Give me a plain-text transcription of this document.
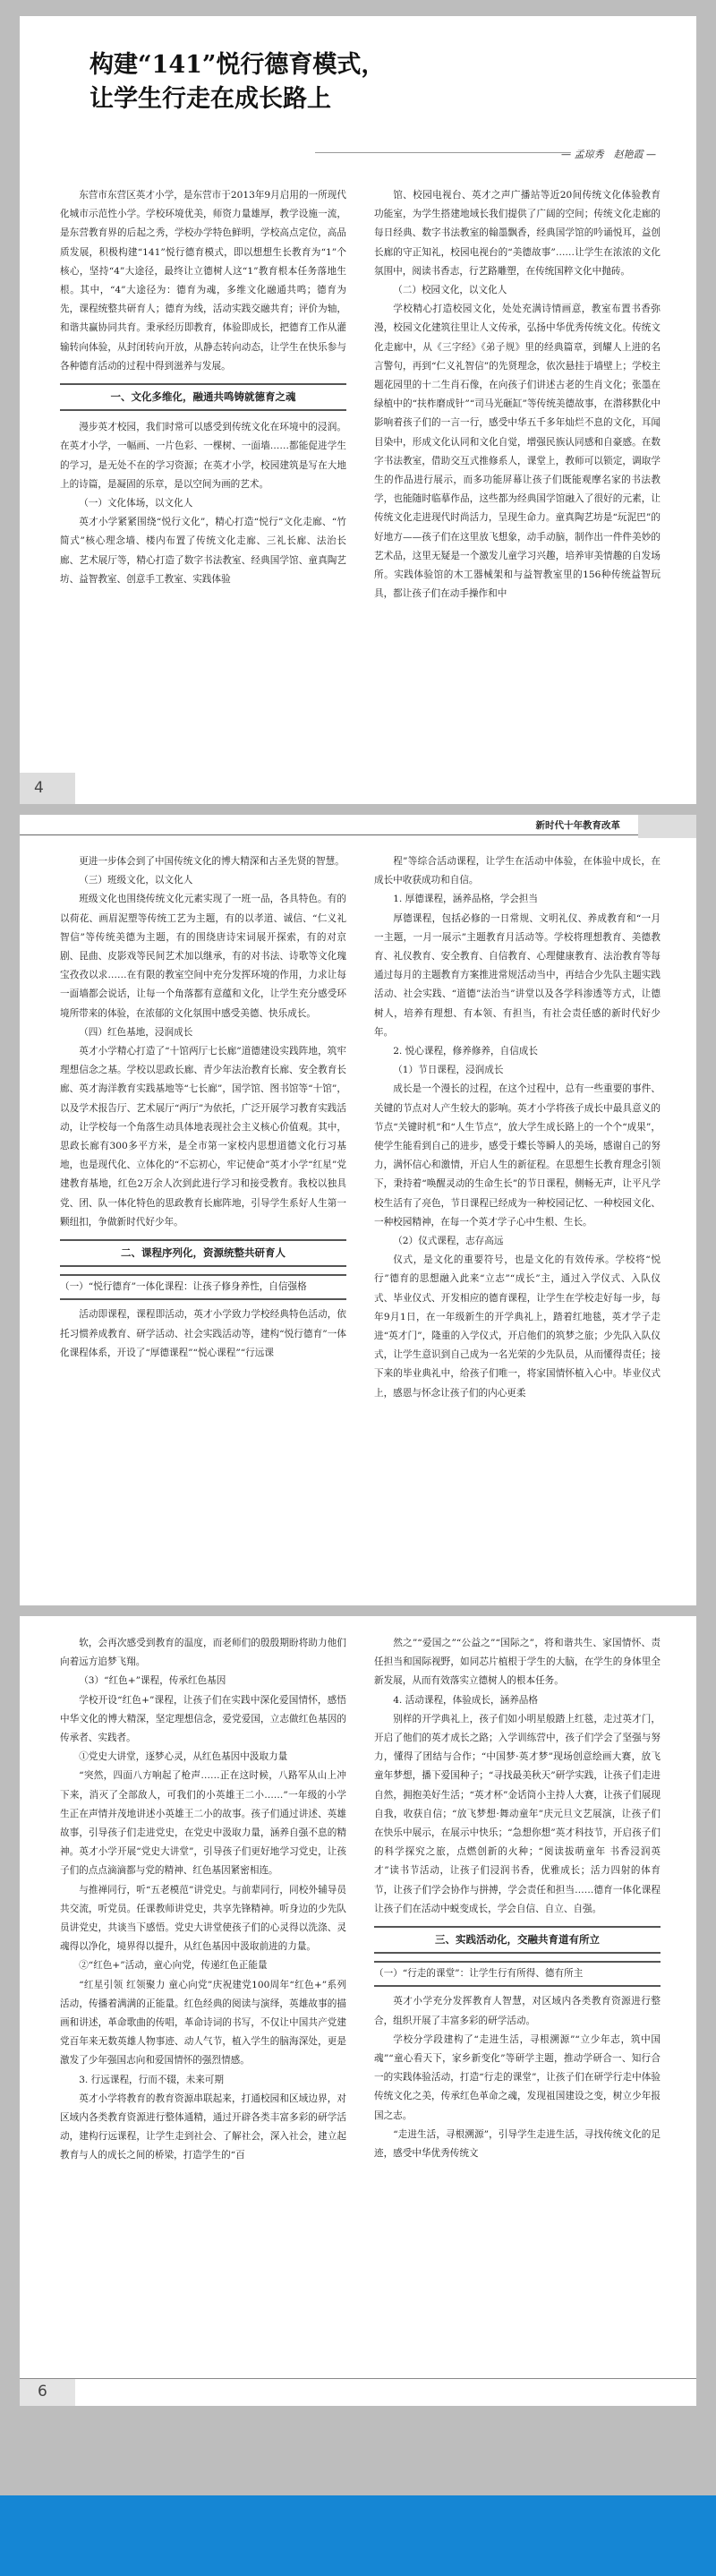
构建“141”悦行德育模式，
让学生行走在成长路上
— 孟琼秀　赵艳霞 —

东营市东营区英才小学，是东营市于2013年9月启用的一所现代化城市示范性小学。学校环境优美，师资力量雄厚，教学设施一流，是东营教育界的后起之秀，学校办学特色鲜明，学校高点定位，高品质发展，积极构建“141”悦行德育模式，即以想想生长教育为“1”个核心，坚持“4”大途径，最终让立德树人这“1”教育根本任务落地生根。其中，“4”大途径为：德育为魂，多维文化融通共鸣；德育为先，课程统整共研育人；德育为线，活动实践交融共育；评价为轴，和谐共赢协同共育。秉承经历即教育，体验即成长，把德育工作从灌输转向体验，从封闭转向开放，从静态转向动态，让学生在快乐参与各种德育活动的过程中得到滋养与发展。

一、文化多维化，融通共鸣铸就德育之魂

漫步英才校园，我们时常可以感受到传统文化在环境中的浸润。在英才小学，一幅画、一片色彩、一棵树、一面墙……都能促进学生的学习，是无处不在的学习资源；在英才小学，校园建筑是写在大地上的诗篇，是凝固的乐章，是以空间为画的艺术。

（一）文化体场，以文化人

英才小学紧紧围绕“悦行文化”，精心打造“悦行”文化走廊、“竹简式”核心理念墙、楼内布置了传统文化走廊、三礼长廊、法治长廊、艺术展厅等，精心打造了数字书法教室、经典国学馆、童真陶艺坊、益智教室、创意手工教室、实践体验

馆、校园电视台、英才之声广播站等近20间传统文化体验教育功能室，为学生搭建地域长我们提供了广阔的空间；传统文化走廊的每日经典、数字书法教室的翰墨飘香，经典国学馆的吟诵悦耳，益创长廊的守正知礼，校园电视台的“美德故事”……让学生在浓浓的文化氛围中，阅读书香志，行艺路雕塑，在传统国粹文化中抛砖。

（二）校园文化，以文化人

学校精心打造校园文化，处处充满诗情画意，教室布置书香弥漫，校园文化建筑往里让人文传承，弘扬中华优秀传统文化。传统文化走廊中，从《三字经》《弟子规》里的经典篇章，到耀人上进的名言警句，再到“仁义礼智信”的先贤理念，依次悬挂于墙壁上；学校主题花园里的十二生肖石像，在向孩子们讲述古老的生肖文化；张墨在绿植中的“扶柞磨成针”“司马光砸缸”等传统美德故事，在潜移默化中影响着孩子们的一言一行，感受中华五千多年灿烂不息的文化，耳闻目染中，形成文化认同和文化自觉，增强民族认同感和自豪感。在数字书法教室，借助交互式推修系人，课堂上，教师可以锁定，调取学生的作品进行展示，而多功能屏幕让孩子们既能观摩名家的书法教学，也能随时临摹作品，这些都为经典国学馆融入了很好的元素，让传统文化走进现代时尚活力，呈现生命力。童真陶艺坊是“玩泥巴”的好地方——孩子们在这里放飞想象，动手动脑，制作出一件件美妙的艺术品，这里无疑是一个激发儿童学习兴趣，培养审美情趣的自发场所。实践体验馆的木工器械架和与益智教室里的156种传统益智玩具，都让孩子们在动手操作和中

4
新时代十年教育改革

更进一步体会到了中国传统文化的博大精深和古圣先贤的智慧。

（三）班级文化，以文化人

班级文化也围绕传统文化元素实现了一班一品，各具特色。有的以荷花、画眉泥塑等传统工艺为主题，有的以孝道、诚信、“仁义礼智信”等传统美德为主题，有的围绕唐诗宋词展开探索，有的对京剧、昆曲、皮影戏等民间艺术加以继承，有的对书法、诗歌等文化瑰宝孜孜以求……在有限的教室空间中充分发挥环境的作用，力求让每一面墙都会说话，让每一个角落都有意蕴和文化，让学生充分感受环境所带来的体验，在浓郁的文化氛围中感受美德、快乐成长。

（四）红色基地，浸润成长

英才小学精心打造了“十馆两厅七长廊”道德建设实践阵地，筑牢理想信念之基。学校以思政长廊、青少年法治教育长廊、安全教育长廊、英才海洋教育实践基地等“七长廊”，国学馆、图书馆等“十馆”，以及学术报告厅、艺术展厅“两厅”为依托，广泛开展学习教育实践活动，让学校每一个角落生动具体地表现社会主义核心价值观。其中，思政长廊有300多平方米，是全市第一家校内思想道德文化行习基地，也是现代化、立体化的“不忘初心，牢记使命”英才小学“红星”党建教育基地，红色2万余人次到此进行学习和接受教育。我校以独具党、团、队一体化特色的思政教育长廊阵地，引导学生系好人生第一颗纽扣，争做新时代好少年。

二、课程序列化，资源统整共研育人
（一）“悦行德育”一体化课程：让孩子修身养性，自信强格

活动即课程，课程即活动，英才小学致力学校经典特色活动，依托习惯养成教育、研学活动、社会实践活动等，建构“悦行德育”一体化课程体系，开设了“厚德课程”“悦心课程”“行远课

程”等综合活动课程，让学生在活动中体验，在体验中成长，在成长中收获成功和自信。

1. 厚德课程，涵养品格，学会担当

厚德课程，包括必修的一日常规、文明礼仪、养成教育和“一月一主题，一月一展示”主题教育月活动等。学校将理想教育、美德教育、礼仪教育、安全教育、自信教育、心理健康教育、法治教育等每通过每月的主题教育方案推进常规活动当中，再结合少先队主题实践活动、社会实践、“道德”法治当”讲堂以及各学科渗透等方式，让德树人，培养有理想、有本领、有担当，有社会责任感的新时代好少年。

2. 悦心课程，修养修养，自信成长

（1）节日课程，浸润成长

成长是一个漫长的过程，在这个过程中，总有一些重要的事件、关键的节点对人产生较大的影响。英才小学将孩子成长中最具意义的节点“关键时机”和“人生节点”，放大学生成长路上的一个个“成果”，使学生能看到自己的进步，感受于蝶长等瞬人的美场，感谢自己的努力，满怀信心和激情，开启人生的新征程。在思想生长教育理念引领下，秉持着“唤醒灵动的生命生长”的节日课程，侧畅无声，让平凡学校生活有了亮色，节日课程已经成为一种校园记忆、一种校园文化、一种校园精神，在每一个英才学子心中生根、生长。

（2）仪式课程，志存高远

仪式，是文化的重要符号，也是文化的有效传承。学校将“悦行”德育的思想融入此来“立志”“成长”主，通过入学仪式、入队仪式、毕业仪式、开发相应的德育课程，让学生在学校走好每一步，每年9月1日，在一年级新生的开学典礼上，踏着红地毯，英才学子走进“英才门”，隆重的入学仪式，开启他们的筑梦之旅；少先队入队仪式，让学生意识到自己成为一名光荣的少先队员，从而懂得责任；接下来的毕业典礼中，给孩子们唯一，将家国情怀植入心中。毕业仪式上，感恩与怀念让孩子们的内心更柔

软，会再次感受到教育的温度，而老师们的殷殷期盼将助力他们向着远方追梦飞翔。

（3）“红色+”课程，传承红色基因

学校开设“红色+”课程，让孩子们在实践中深化爱国情怀，感悟中华文化的博大精深，坚定理想信念，爱党爱国，立志做红色基因的传承者、实践者。

①党史大讲堂，逐梦心灵，从红色基因中汲取力量

“突然，四面八方响起了枪声……正在这时候，八路军从山上冲下来，消灭了全部敌人，可我们的小英雄王二小……”一年级的小学生正在声情并茂地讲述小英雄王二小的故事。孩子们通过讲述、英雄故事，引导孩子们走进党史，在党史中汲取力量，涵养自强不息的精神。英才小学开展“党史大讲堂”，引导孩子们更好地学习党史，让孩子们的点点滴滴都与党的精神、红色基因紧密相连。

与推禅同行，听“五老模范”讲党史。与前辈同行，同校外辅导员共交流，听党员。任课教师讲党史，共享先锋精神。听身边的少先队员讲党史，共谈当下感悟。党史大讲堂使孩子们的心灵得以洗涤、灵魂得以净化，境界得以提升，从红色基因中汲取前进的力量。

②“红色+”活动，童心向党，传递红色正能量

“红星引领 红领聚力 童心向党”庆祝建党100周年“红色+”系列活动，传播着满满的正能量。红色经典的阅读与演绎，英雄故事的描画和讲述，革命歌曲的传唱，革命诗词的书写，不仅让中国共产党建党百年来无数英雄人物事迹、动人气节，植入学生的脑海深处，更是激发了少年强国志向和爱国情怀的强烈情感。

3. 行远课程，行而不辍，未来可期

英才小学将教育的教育资源串联起来，打通校园和区域边界，对区域内各类教育资源进行整体通精，通过开辟各类丰富多彩的研学活动，建构行远课程，让学生走到社会、了解社会，深入社会，建立起教育与人的成长之间的桥梁，打造学生的“百

然之”“爱国之”“公益之”“国际之”，将和谐共生、家国情怀、责任担当和国际视野，如同芯片植根于学生的大脑，在学生的身体里全新发展，从而有效落实立德树人的根本任务。

4. 活动课程，体验成长，涵养品格

别样的开学典礼上，孩子们如小明星般踏上红毯，走过英才门，开启了他们的英才成长之路；入学训练营中，孩子们学会了坚强与努力，懂得了团结与合作；“中国梦·英才梦”现场创意绘画大赛，放飞童年梦想，播下爱国种子；“寻找最美秋天”研学实践，让孩子们走进自然，拥抱美好生活；“英才杯”金话筒小主持人大赛，让孩子们展现自我，收获自信；“放飞梦想·舞动童年”庆元旦文艺展演，让孩子们在快乐中展示，在展示中快乐；“急想你想”英才科技节，开启孩子们的科学探究之旅，点燃创新的火种；“阅读拔萌童年 书香浸润英才”读书节活动，让孩子们浸润书香，优雅成长；活力四射的体育节，让孩子们学会协作与拼搏，学会责任和担当……德育一体化课程让孩子们在活动中蜕变成长，学会自信、自立、自强。

三、实践活动化，交融共育道有所立
（一）“行走的课堂”：让学生行有所得、德有所主

英才小学充分发挥教育人智慧，对区域内各类教育资源进行整合，组织开展了丰富多彩的研学活动。

学校分学段建构了“走进生活，寻根溯源”“立少年志，筑中国魂”“童心看天下，家乡新变化”等研学主题，推动学研合一、知行合一的实践体验活动，打造“行走的课堂”，让孩子们在研学行走中体验传统文化之美，传承红色革命之魂，发现祖国建设之变，树立少年报国之志。

“走进生活，寻根溯源”，引导学生走进生活，寻找传统文化的足迹，感受中华优秀传统文

6
